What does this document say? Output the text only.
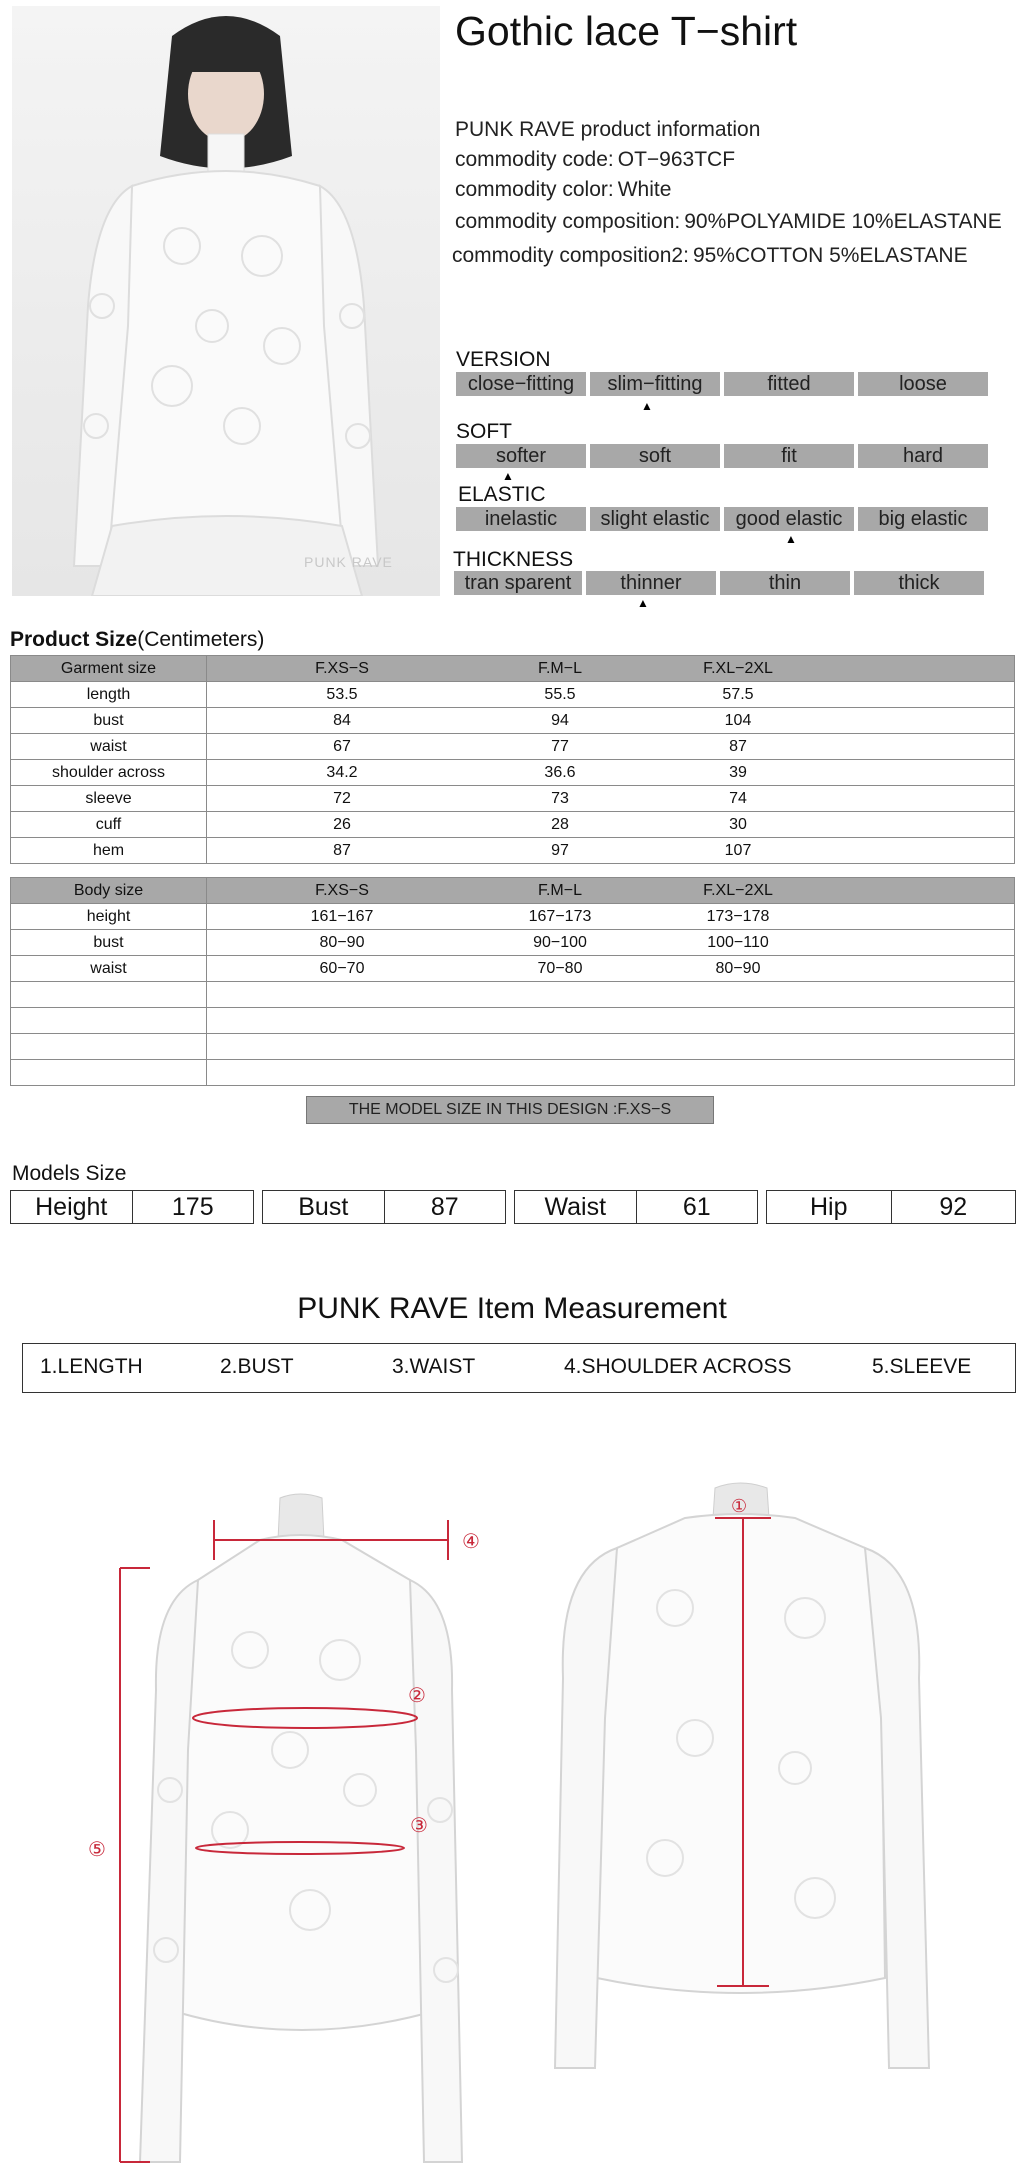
PUNK RAVE
Gothic lace T−shirt
PUNK RAVE product information
commodity code: OT−963TCF
commodity color: White
commodity composition: 90%POLYAMIDE 10%ELASTANE
commodity composition2: 95%COTTON 5%ELASTANE
VERSION
close−fitting	slim−fitting	fitted	loose
▲
SOFT
softer	soft	fit	hard
▲
ELASTIC
inelastic	slight elastic	good elastic	big elastic
▲
THICKNESS
tran sparent	thinner	thin	thick
▲
Product Size(Centimeters)
Garment size	F.XS−S F.M−L F.XL−2XL

length	53.5 55.5 57.5

bust	84 94 104

waist	67 77 87

shoulder across	34.2 36.6 39

sleeve	72 73 74

cuff	26 28 30

hem	87 97 107
Body size	F.XS−S F.M−L F.XL−2XL

height	161−167 167−173 173−178

bust	80−90 90−100 100−110

waist	60−70 70−80 80−90

THE MODEL SIZE IN THIS DESIGN :F.XS−S
Models Size
Height	175	Bust	87	Waist	61	Hip	92
PUNK RAVE Item Measurement
1.LENGTH	2.BUST	3.WAIST	4.SHOULDER ACROSS	5.SLEEVE
④
②
③
⑤
①
